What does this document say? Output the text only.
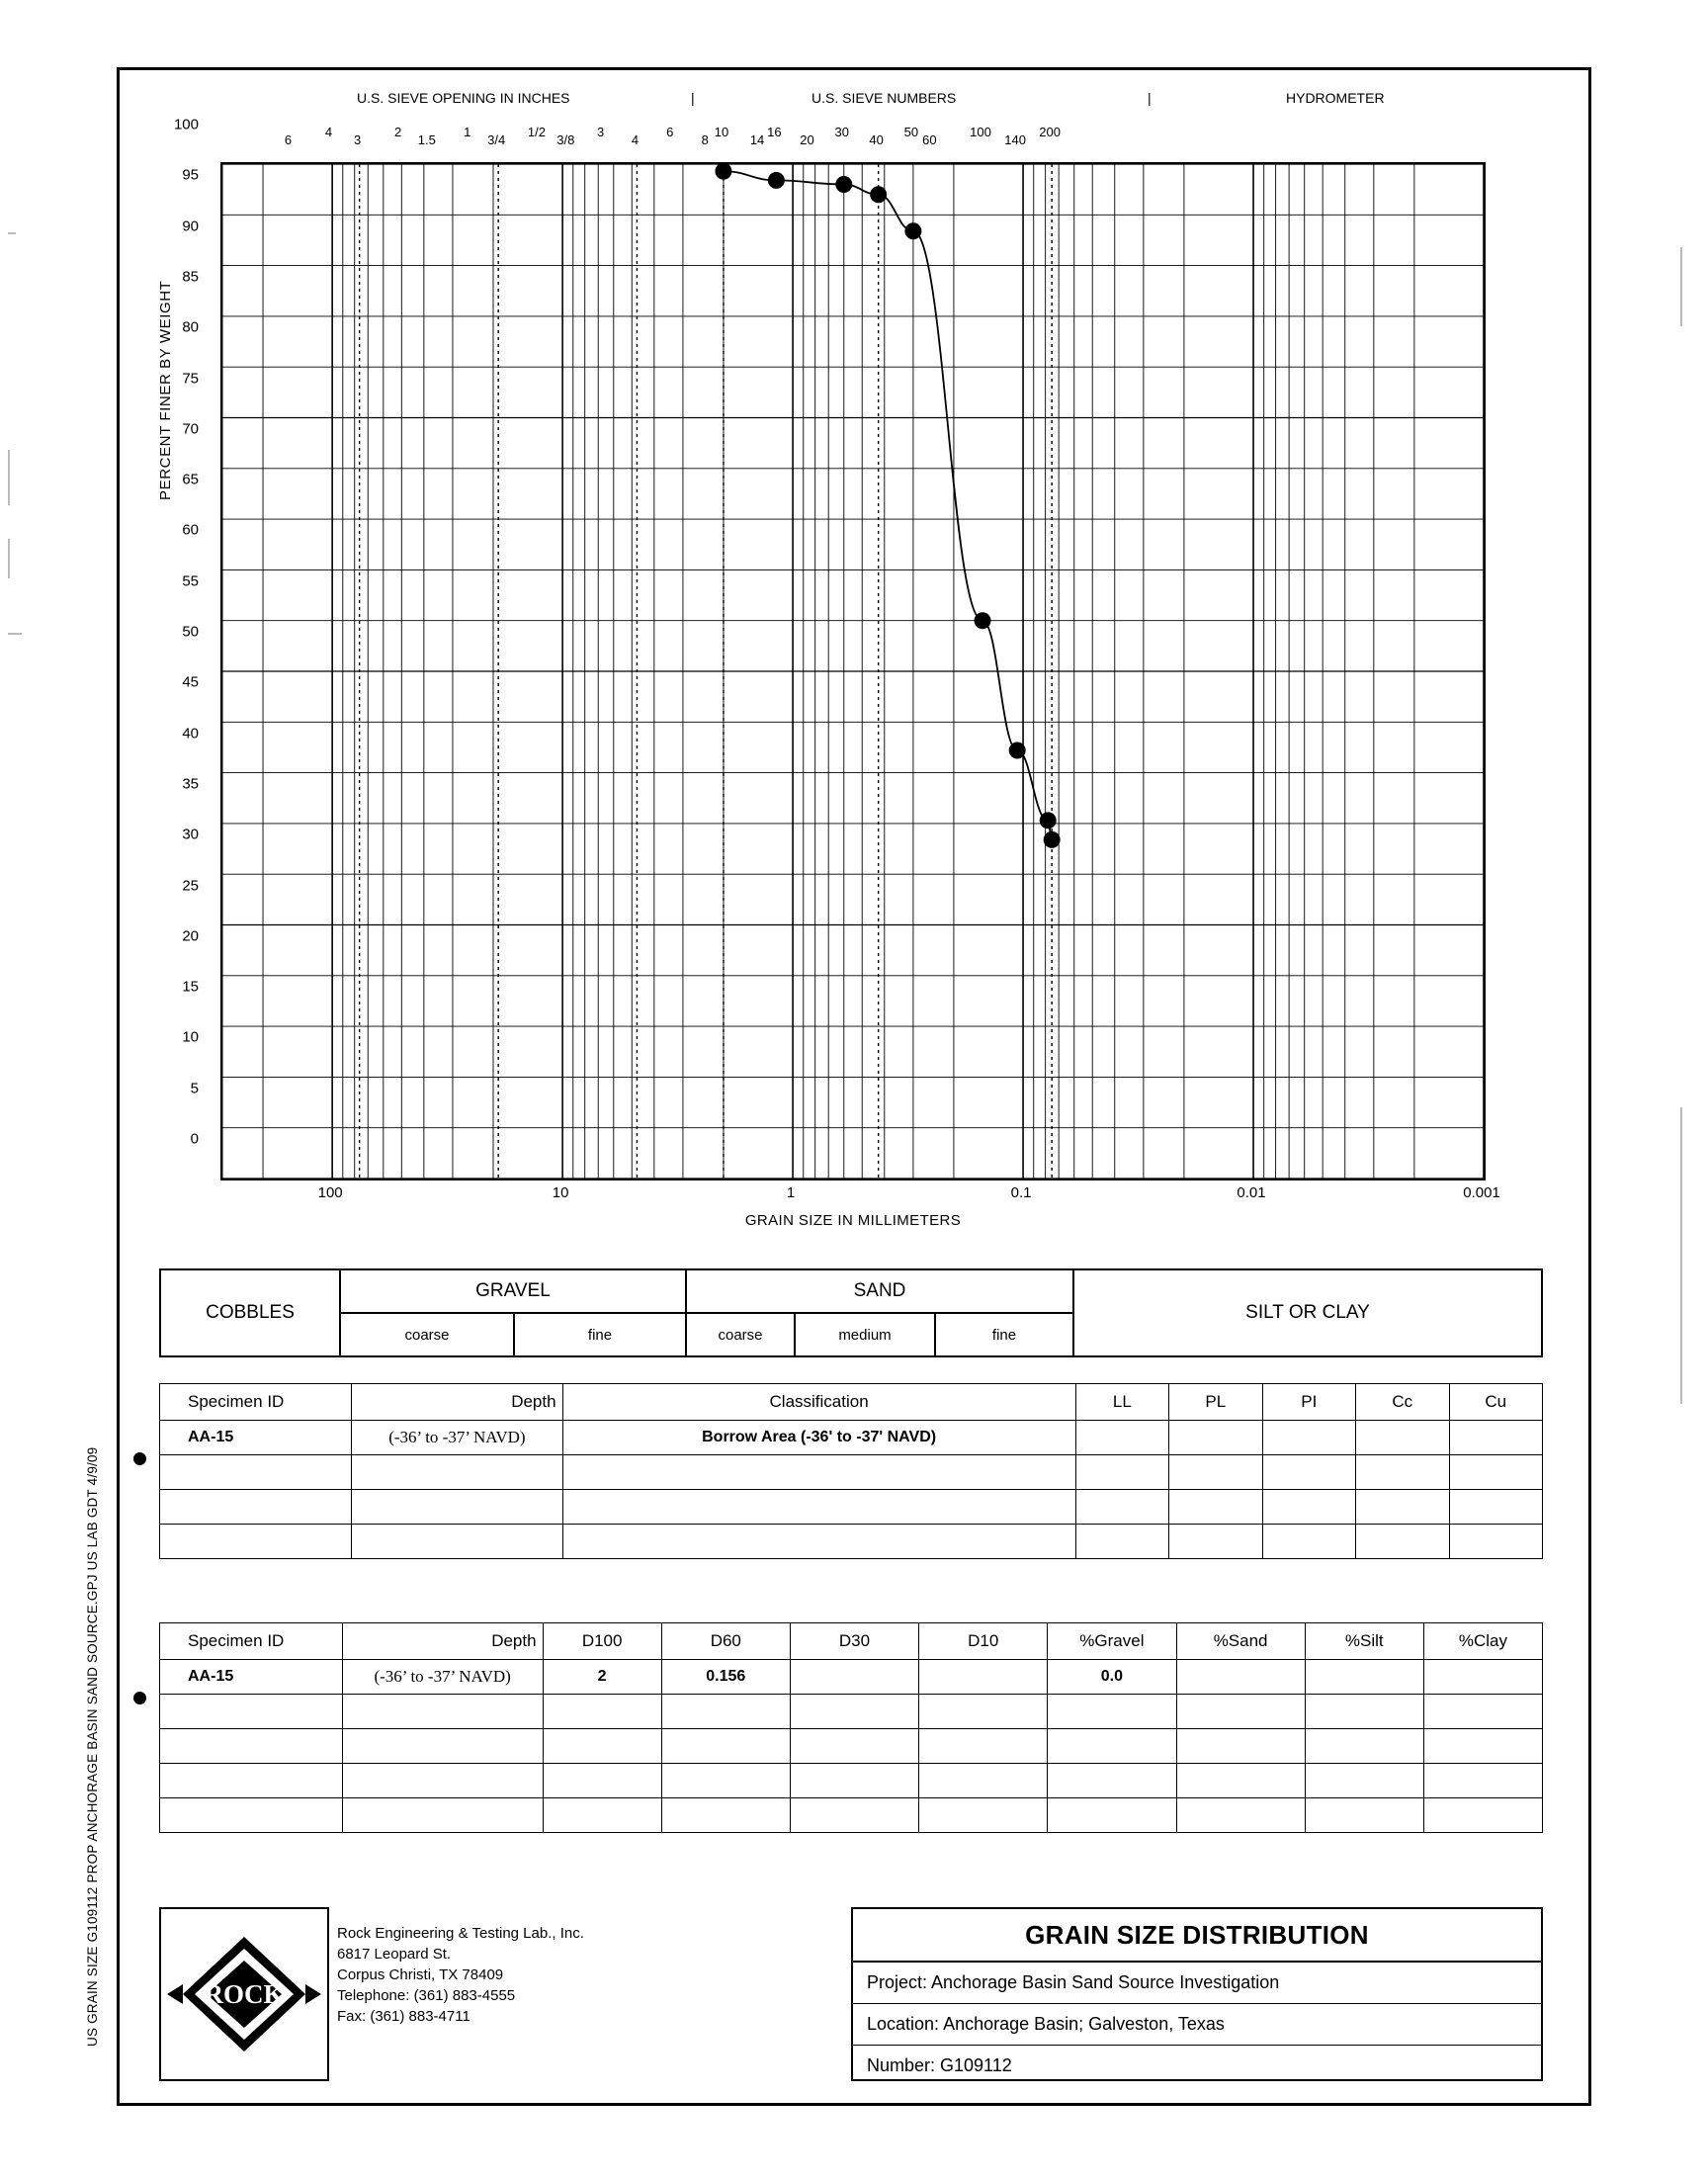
US GRAIN SIZE G109112 PROP ANCHORAGE BASIN SAND SOURCE.GPJ US LAB GDT 4/9/09
U.S. SIEVE OPENING IN INCHES	|	U.S. SIEVE NUMBERS	|	HYDROMETER
6
4
3
2
1.5
1
3/4
1/2
3/8
3
4
6
8
10
14
16
20
30
40
50
60
100
140
200
PERCENT FINER BY WEIGHT
0
5
10
15
20
25
30
35
40
45
50
55
60
65
70
75
80
85
90
95
100
100	10	1	0.1	0.01	0.001
GRAIN SIZE IN MILLIMETERS
COBBLES
GRAVEL
coarse	fine
SAND
coarse	medium	fine
SILT OR CLAY
Specimen ID	Depth	Classification	LL	PL	PI	Cc	Cu
AA-15	(-36’ to -37’ NAVD)	Borrow Area (-36' to -37' NAVD)					

Specimen ID	Depth	D100	D60	D30	D10	%Gravel	%Sand	%Silt	%Clay
AA-15	(-36’ to -37’ NAVD)	2	0.156			0.0			

ROCK
Rock Engineering & Testing Lab., Inc.
6817 Leopard St.
Corpus Christi, TX 78409
Telephone: (361) 883-4555
Fax: (361) 883-4711
GRAIN SIZE DISTRIBUTION
Project: Anchorage Basin Sand Source Investigation
Location: Anchorage Basin; Galveston, Texas
Number: G109112
